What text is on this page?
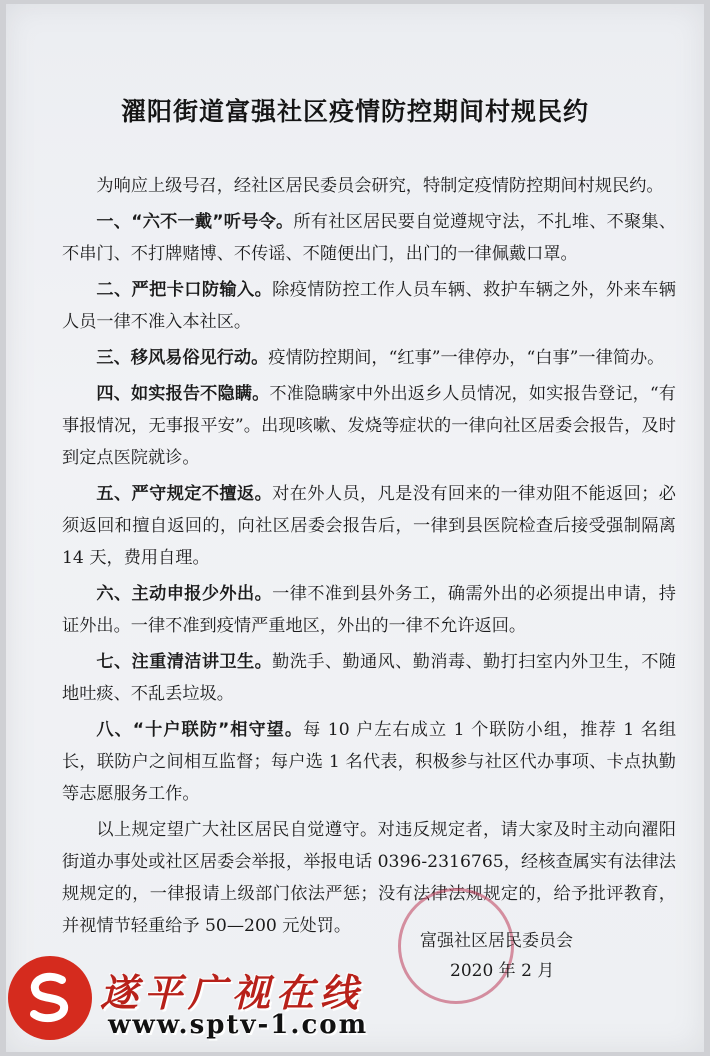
濯阳街道富强社区疫情防控期间村规民约

为响应上级号召，经社区居民委员会研究，特制定疫情防控期间村规民约。

一、“六不一戴”听号令。所有社区居民要自觉遵规守法，不扎堆、不聚集、不串门、不打牌赌博、不传谣、不随便出门，出门的一律佩戴口罩。

二、严把卡口防输入。除疫情防控工作人员车辆、救护车辆之外，外来车辆人员一律不准入本社区。

三、移风易俗见行动。疫情防控期间，“红事”一律停办，“白事”一律简办。

四、如实报告不隐瞒。不准隐瞒家中外出返乡人员情况，如实报告登记，“有事报情况，无事报平安”。出现咳嗽、发烧等症状的一律向社区居委会报告，及时到定点医院就诊。

五、严守规定不擅返。对在外人员，凡是没有回来的一律劝阻不能返回；必须返回和擅自返回的，向社区居委会报告后，一律到县医院检查后接受强制隔离 14 天，费用自理。

六、主动申报少外出。一律不准到县外务工，确需外出的必须提出申请，持证外出。一律不准到疫情严重地区，外出的一律不允许返回。

七、注重清洁讲卫生。勤洗手、勤通风、勤消毒、勤打扫室内外卫生，不随地吐痰、不乱丢垃圾。

八、“十户联防”相守望。每 10 户左右成立 1 个联防小组，推荐 1 名组长，联防户之间相互监督；每户选 1 名代表，积极参与社区代办事项、卡点执勤等志愿服务工作。

以上规定望广大社区居民自觉遵守。对违反规定者，请大家及时主动向濯阳街道办事处或社区居委会举报，举报电话 0396-2316765，经核查属实有法律法规规定的，一律报请上级部门依法严惩；没有法律法规规定的，给予批评教育，并视情节轻重给予 50—200 元处罚。

富强社区居民委员会
2020 年 2 月
遂平广视在线
www.sptv-1.com
